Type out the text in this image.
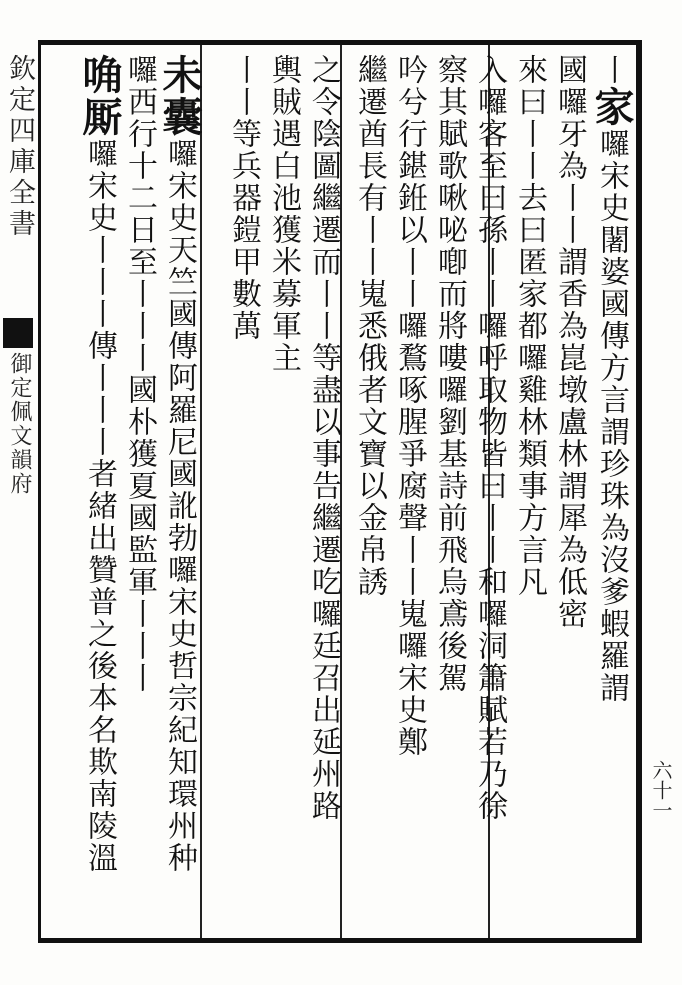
欽定四庫全書
御定佩文韻府
六十一
丨家囉宋史闍婆國傳方言謂珍珠為沒爹蝦羅謂
國囉牙為丨丨謂香為崑墩盧林謂犀為低密
來曰丨丨去曰匿家都囉雞林類事方言凡
入囉客至曰孫丨丨囉呼取物皆曰丨丨和囉洞簫賦若乃徐
察其賦歌啾咇喞而將嘍囉劉基詩前飛烏鳶後駕
吟兮行鍖銋以丨丨囉鶩啄腥爭腐聲丨丨嵬囉宋史鄭
繼遷酋長有丨丨嵬悉俄者文寶以金帛誘
之令陰圖繼遷而丨丨等盡以事告繼遷吃囉廷召出延州路
輿賊遇白池獲米募軍主
丨丨等兵器鎧甲數萬
未囊囉宋史天竺國傳阿羅尼國訛勃囉宋史哲宗紀知環州种
囉西行十二日至丨丨丨國朴獲夏國監軍丨丨丨
唃厮囉宋史丨丨丨傳丨丨丨者緒出贊普之後本名欺南陵溫
